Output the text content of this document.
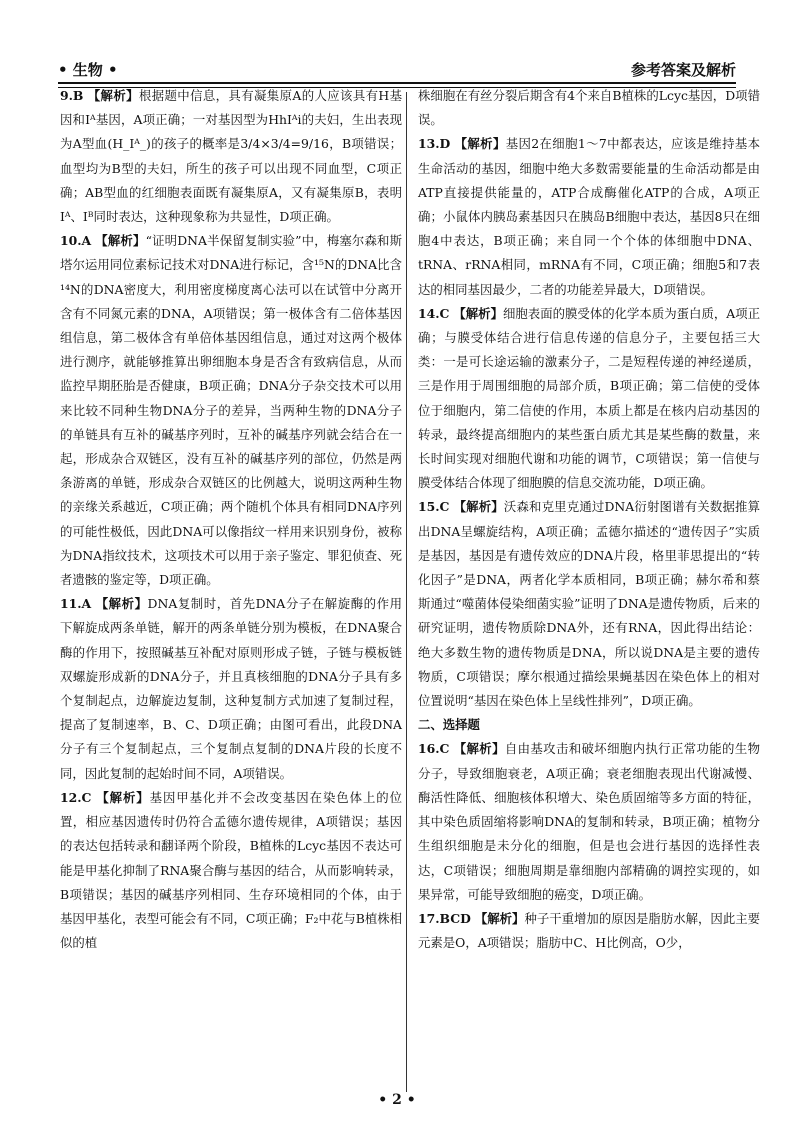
• 生物 •	参考答案及解析

9.B 【解析】根据题中信息，具有凝集原A的人应该具有H基因和Iᴬ基因，A项正确；一对基因型为HhIᴬi的夫妇，生出表现为A型血(H_Iᴬ_)的孩子的概率是3/4×3/4=9/16，B项错误；血型均为B型的夫妇，所生的孩子可以出现不同血型，C项正确；AB型血的红细胞表面既有凝集原A，又有凝集原B，表明Iᴬ、Iᴮ同时表达，这种现象称为共显性，D项正确。

10.A 【解析】“证明DNA半保留复制实验”中，梅塞尔森和斯塔尔运用同位素标记技术对DNA进行标记，含¹⁵N的DNA比含¹⁴N的DNA密度大，利用密度梯度离心法可以在试管中分离开含有不同氮元素的DNA，A项错误；第一极体含有二倍体基因组信息，第二极体含有单倍体基因组信息，通过对这两个极体进行测序，就能够推算出卵细胞本身是否含有致病信息，从而监控早期胚胎是否健康，B项正确；DNA分子杂交技术可以用来比较不同种生物DNA分子的差异，当两种生物的DNA分子的单链具有互补的碱基序列时，互补的碱基序列就会结合在一起，形成杂合双链区，没有互补的碱基序列的部位，仍然是两条游离的单链，形成杂合双链区的比例越大，说明这两种生物的亲缘关系越近，C项正确；两个随机个体具有相同DNA序列的可能性极低，因此DNA可以像指纹一样用来识别身份，被称为DNA指纹技术，这项技术可以用于亲子鉴定、罪犯侦查、死者遗骸的鉴定等，D项正确。

11.A 【解析】DNA复制时，首先DNA分子在解旋酶的作用下解旋成两条单链，解开的两条单链分别为模板，在DNA聚合酶的作用下，按照碱基互补配对原则形成子链，子链与模板链双螺旋形成新的DNA分子，并且真核细胞的DNA分子具有多个复制起点，边解旋边复制，这种复制方式加速了复制过程，提高了复制速率，B、C、D项正确；由图可看出，此段DNA分子有三个复制起点，三个复制点复制的DNA片段的长度不同，因此复制的起始时间不同，A项错误。

12.C 【解析】基因甲基化并不会改变基因在染色体上的位置，相应基因遗传时仍符合孟德尔遗传规律，A项错误；基因的表达包括转录和翻译两个阶段，B植株的Lcyc基因不表达可能是甲基化抑制了RNA聚合酶与基因的结合，从而影响转录，B项错误；基因的碱基序列相同、生存环境相同的个体，由于基因甲基化，表型可能会有不同，C项正确；F₂中花与B植株相似的植

株细胞在有丝分裂后期含有4个来自B植株的Lcyc基因，D项错误。

13.D 【解析】基因2在细胞1～7中都表达，应该是维持基本生命活动的基因，细胞中绝大多数需要能量的生命活动都是由ATP直接提供能量的，ATP合成酶催化ATP的合成，A项正确；小鼠体内胰岛素基因只在胰岛B细胞中表达，基因8只在细胞4中表达，B项正确；来自同一个个体的体细胞中DNA、tRNA、rRNA相同，mRNA有不同，C项正确；细胞5和7表达的相同基因最少，二者的功能差异最大，D项错误。

14.C 【解析】细胞表面的膜受体的化学本质为蛋白质，A项正确；与膜受体结合进行信息传递的信息分子，主要包括三大类：一是可长途运输的激素分子，二是短程传递的神经递质，三是作用于周围细胞的局部介质，B项正确；第二信使的受体位于细胞内，第二信使的作用，本质上都是在核内启动基因的转录，最终提高细胞内的某些蛋白质尤其是某些酶的数量，来长时间实现对细胞代谢和功能的调节，C项错误；第一信使与膜受体结合体现了细胞膜的信息交流功能，D项正确。

15.C 【解析】沃森和克里克通过DNA衍射图谱有关数据推算出DNA呈螺旋结构，A项正确；孟德尔描述的“遗传因子”实质是基因，基因是有遗传效应的DNA片段，格里菲思提出的“转化因子”是DNA，两者化学本质相同，B项正确；赫尔希和蔡斯通过“噬菌体侵染细菌实验”证明了DNA是遗传物质，后来的研究证明，遗传物质除DNA外，还有RNA，因此得出结论：绝大多数生物的遗传物质是DNA，所以说DNA是主要的遗传物质，C项错误；摩尔根通过描绘果蝇基因在染色体上的相对位置说明“基因在染色体上呈线性排列”，D项正确。

二、选择题

16.C 【解析】自由基攻击和破坏细胞内执行正常功能的生物分子，导致细胞衰老，A项正确；衰老细胞表现出代谢减慢、酶活性降低、细胞核体积增大、染色质固缩等多方面的特征，其中染色质固缩将影响DNA的复制和转录，B项正确；植物分生组织细胞是未分化的细胞，但是也会进行基因的选择性表达，C项错误；细胞周期是靠细胞内部精确的调控实现的，如果异常，可能导致细胞的癌变，D项正确。

17.BCD 【解析】种子干重增加的原因是脂肪水解，因此主要元素是O，A项错误；脂肪中C、H比例高，O少，

• 2 •
